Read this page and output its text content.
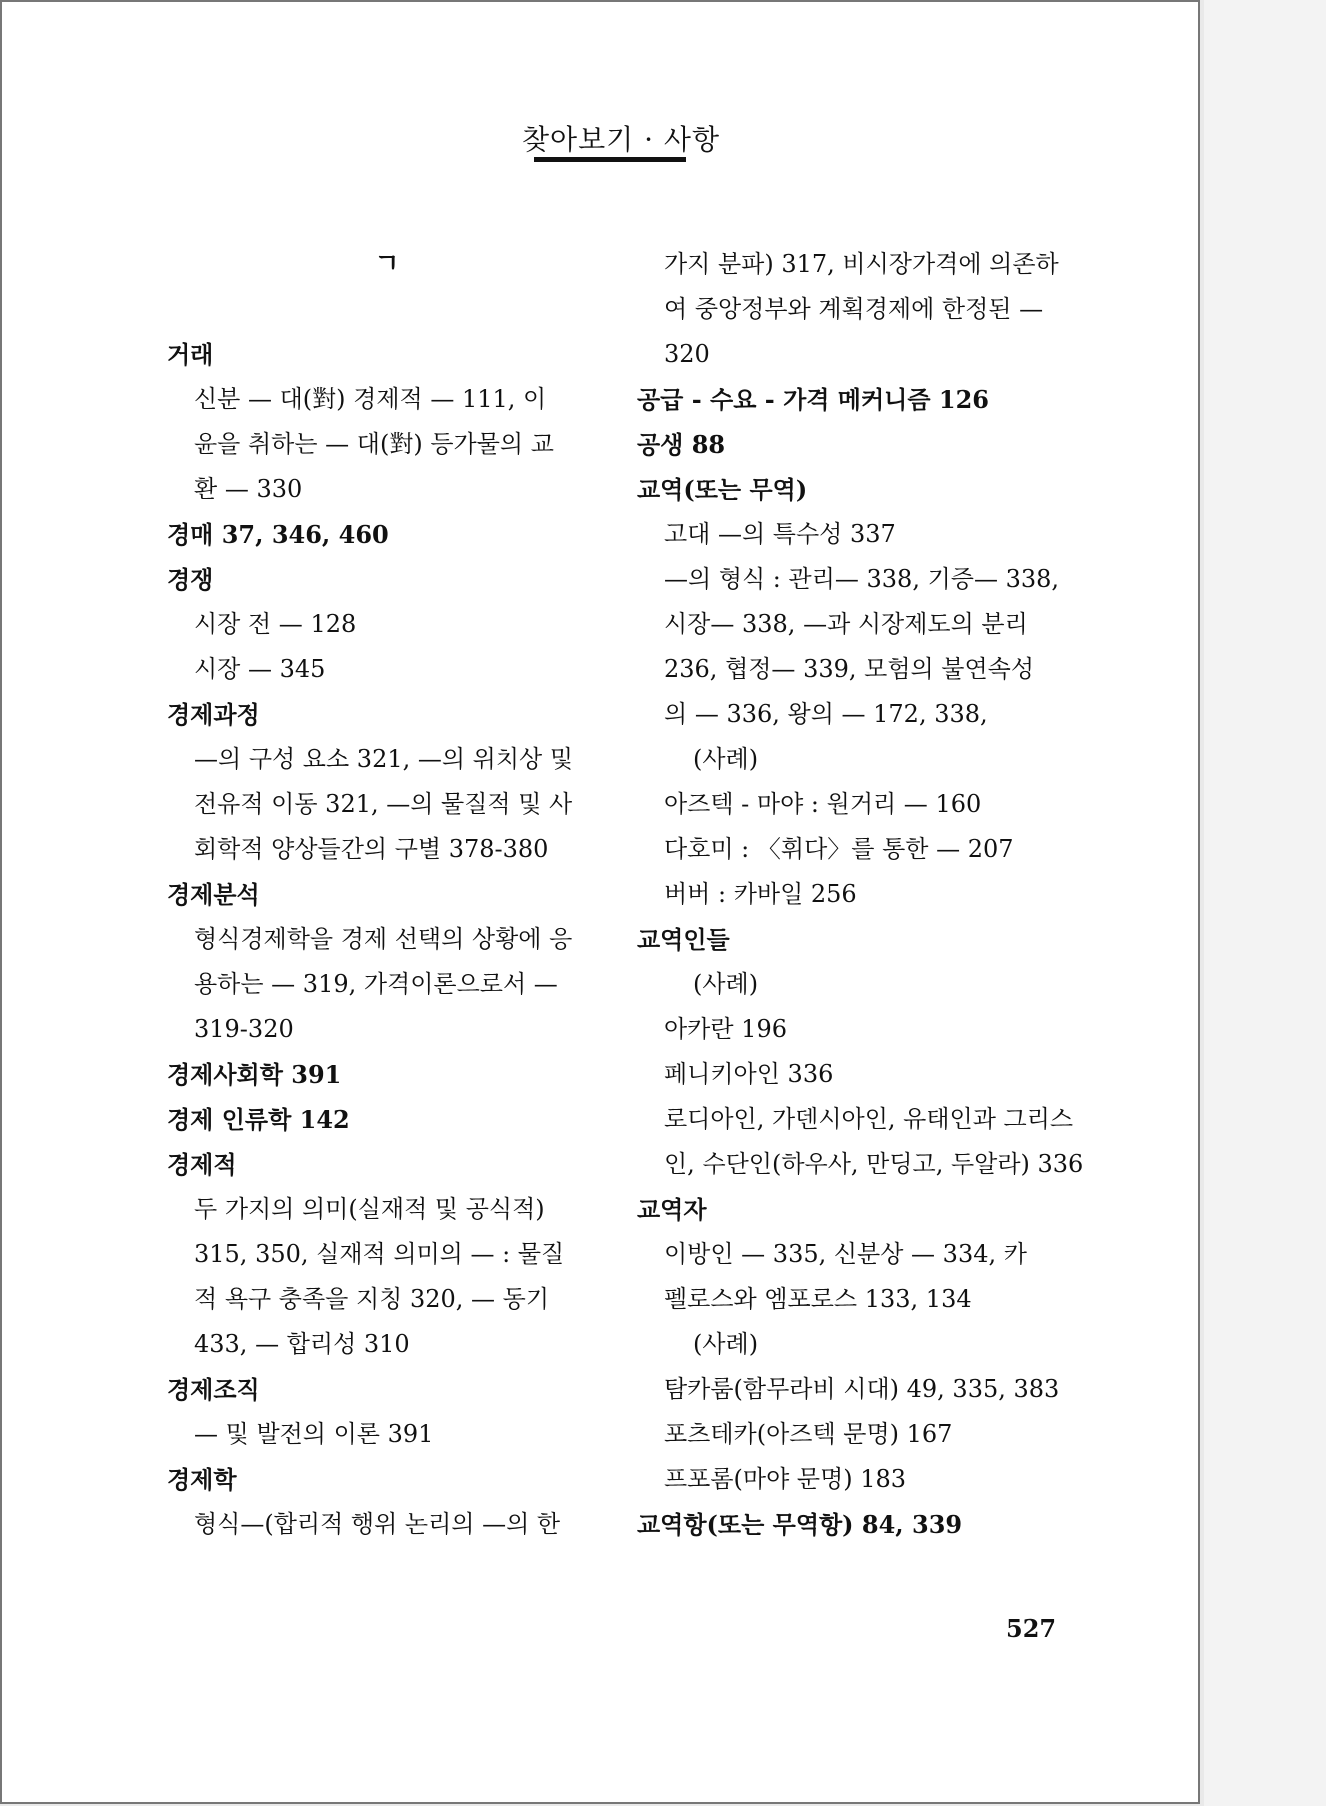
찾아보기 · 사항
ㄱ
거래
신분 — 대(對) 경제적 — 111, 이
윤을 취하는 — 대(對) 등가물의 교
환 — 330
경매 37, 346, 460
경쟁
시장 전 — 128
시장 — 345
경제과정
—의 구성 요소 321, —의 위치상 및
전유적 이동 321, —의 물질적 및 사
회학적 양상들간의 구별 378-380
경제분석
형식경제학을 경제 선택의 상황에 응
용하는 — 319, 가격이론으로서 —
319-320
경제사회학 391
경제 인류학 142
경제적
두 가지의 의미(실재적 및 공식적)
315, 350, 실재적 의미의 — : 물질
적 욕구 충족을 지칭 320, — 동기
433, — 합리성 310
경제조직
— 및 발전의 이론 391
경제학
형식—(합리적 행위 논리의 —의 한
가지 분파) 317, 비시장가격에 의존하
여 중앙정부와 계획경제에 한정된 —
320
공급 - 수요 - 가격 메커니즘 126
공생 88
교역(또는 무역)
고대 —의 특수성 337
—의 형식 : 관리— 338, 기증— 338,
시장— 338, —과 시장제도의 분리
236, 협정— 339, 모험의 불연속성
의 — 336, 왕의 — 172, 338,
(사례)
아즈텍 - 마야 : 원거리 — 160
다호미 : 〈휘다〉를 통한 — 207
버버 : 카바일 256
교역인들
(사례)
아카란 196
페니키아인 336
로디아인, 가덴시아인, 유태인과 그리스
인, 수단인(하우사, 만딩고, 두알라) 336
교역자
이방인 — 335, 신분상 — 334, 카
펠로스와 엠포로스 133, 134
(사례)
탐카룸(함무라비 시대) 49, 335, 383
포츠테카(아즈텍 문명) 167
프포롬(마야 문명) 183
교역항(또는 무역항) 84, 339
527
